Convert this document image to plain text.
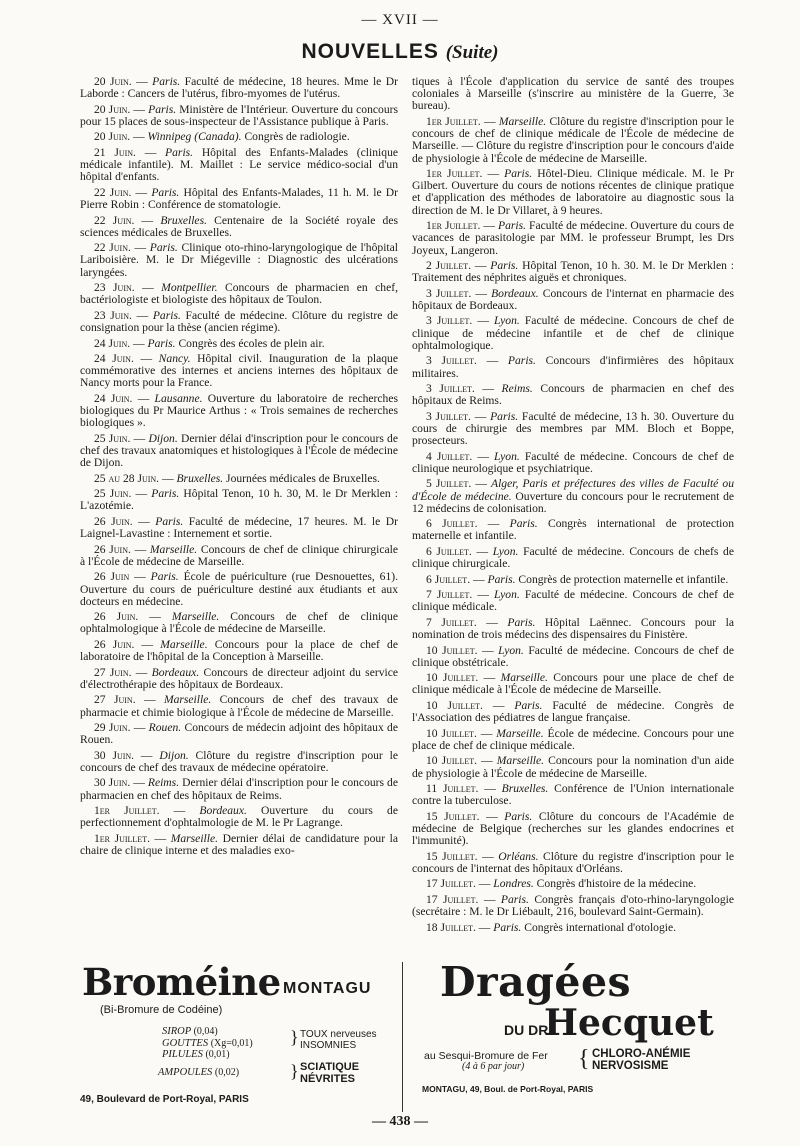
— XVII —
NOUVELLES (Suite)

20 Juin. — Paris. Faculté de médecine, 18 heures. Mme le Dr Laborde : Cancers de l'utérus, fibro-myomes de l'utérus.

20 Juin. — Paris. Ministère de l'Intérieur. Ouverture du concours pour 15 places de sous-inspecteur de l'Assistance publique à Paris.

20 Juin. — Winnipeg (Canada). Congrès de radiologie.

21 Juin. — Paris. Hôpital des Enfants-Malades (clinique médicale infantile). M. Maillet : Le service médico-social d'un hôpital d'enfants.

22 Juin. — Paris. Hôpital des Enfants-Malades, 11 h. M. le Dr Pierre Robin : Conférence de stomatologie.

22 Juin. — Bruxelles. Centenaire de la Société royale des sciences médicales de Bruxelles.

22 Juin. — Paris. Clinique oto-rhino-laryngologique de l'hôpital Lariboisière. M. le Dr Miégeville : Diagnostic des ulcérations laryngées.

23 Juin. — Montpellier. Concours de pharmacien en chef, bactériologiste et biologiste des hôpitaux de Toulon.

23 Juin. — Paris. Faculté de médecine. Clôture du registre de consignation pour la thèse (ancien régime).

24 Juin. — Paris. Congrès des écoles de plein air.

24 Juin. — Nancy. Hôpital civil. Inauguration de la plaque commémorative des internes et anciens internes des hôpitaux de Nancy morts pour la France.

24 Juin. — Lausanne. Ouverture du laboratoire de recherches biologiques du Pr Maurice Arthus : « Trois semaines de recherches biologiques ».

25 Juin. — Dijon. Dernier délai d'inscription pour le concours de chef des travaux anatomiques et histologiques à l'École de médecine de Dijon.

25 au 28 Juin. — Bruxelles. Journées médicales de Bruxelles.

25 Juin. — Paris. Hôpital Tenon, 10 h. 30, M. le Dr Merklen : L'azotémie.

26 Juin. — Paris. Faculté de médecine, 17 heures. M. le Dr Laignel-Lavastine : Internement et sortie.

26 Juin. — Marseille. Concours de chef de clinique chirurgicale à l'École de médecine de Marseille.

26 Juin — Paris. École de puériculture (rue Desnouettes, 61). Ouverture du cours de puériculture destiné aux étudiants et aux docteurs en médecine.

26 Juin. — Marseille. Concours de chef de clinique ophtalmologique à l'École de médecine de Marseille.

26 Juin. — Marseille. Concours pour la place de chef de laboratoire de l'hôpital de la Conception à Marseille.

27 Juin. — Bordeaux. Concours de directeur adjoint du service d'électrothérapie des hôpitaux de Bordeaux.

27 Juin. — Marseille. Concours de chef des travaux de pharmacie et chimie biologique à l'École de médecine de Marseille.

29 Juin. — Rouen. Concours de médecin adjoint des hôpitaux de Rouen.

30 Juin. — Dijon. Clôture du registre d'inscription pour le concours de chef des travaux de médecine opératoire.

30 Juin. — Reims. Dernier délai d'inscription pour le concours de pharmacien en chef des hôpitaux de Reims.

1er Juillet. — Bordeaux. Ouverture du cours de perfectionnement d'ophtalmologie de M. le Pr Lagrange.

1er Juillet. — Marseille. Dernier délai de candidature pour la chaire de clinique interne et des maladies exo-

tiques à l'École d'application du service de santé des troupes coloniales à Marseille (s'inscrire au ministère de la Guerre, 3e bureau).

1er Juillet. — Marseille. Clôture du registre d'inscription pour le concours de chef de clinique médicale de l'École de médecine de Marseille. — Clôture du registre d'inscription pour le concours d'aide de physiologie à l'École de médecine de Marseille.

1er Juillet. — Paris. Hôtel-Dieu. Clinique médicale. M. le Pr Gilbert. Ouverture du cours de notions récentes de clinique pratique et d'application des méthodes de laboratoire au diagnostic sous la direction de M. le Dr Villaret, à 9 heures.

1er Juillet. — Paris. Faculté de médecine. Ouverture du cours de vacances de parasitologie par MM. le professeur Brumpt, les Drs Joyeux, Langeron.

2 Juillet. — Paris. Hôpital Tenon, 10 h. 30. M. le Dr Merklen : Traitement des néphrites aiguës et chroniques.

3 Juillet. — Bordeaux. Concours de l'internat en pharmacie des hôpitaux de Bordeaux.

3 Juillet. — Lyon. Faculté de médecine. Concours de chef de clinique de médecine infantile et de chef de clinique ophtalmologique.

3 Juillet. — Paris. Concours d'infirmières des hôpitaux militaires.

3 Juillet. — Reims. Concours de pharmacien en chef des hôpitaux de Reims.

3 Juillet. — Paris. Faculté de médecine, 13 h. 30. Ouverture du cours de chirurgie des membres par MM. Bloch et Boppe, prosecteurs.

4 Juillet. — Lyon. Faculté de médecine. Concours de chef de clinique neurologique et psychiatrique.

5 Juillet. — Alger, Paris et préfectures des villes de Faculté ou d'École de médecine. Ouverture du concours pour le recrutement de 12 médecins de colonisation.

6 Juillet. — Paris. Congrès international de protection maternelle et infantile.

6 Juillet. — Lyon. Faculté de médecine. Concours de chefs de clinique chirurgicale.

6 Juillet. — Paris. Congrès de protection maternelle et infantile.

7 Juillet. — Lyon. Faculté de médecine. Concours de chef de clinique médicale.

7 Juillet. — Paris. Hôpital Laënnec. Concours pour la nomination de trois médecins des dispensaires du Finistère.

10 Juillet. — Lyon. Faculté de médecine. Concours de chef de clinique obstétricale.

10 Juillet. — Marseille. Concours pour une place de chef de clinique médicale à l'École de médecine de Marseille.

10 Juillet. — Paris. Faculté de médecine. Congrès de l'Association des pédiatres de langue française.

10 Juillet. — Marseille. École de médecine. Concours pour une place de chef de clinique médicale.

10 Juillet. — Marseille. Concours pour la nomination d'un aide de physiologie à l'École de médecine de Marseille.

11 Juillet. — Bruxelles. Conférence de l'Union internationale contre la tuberculose.

15 Juillet. — Paris. Clôture du concours de l'Académie de médecine de Belgique (recherches sur les glandes endocrines et l'immunité).

15 Juillet. — Orléans. Clôture du registre d'inscription pour le concours de l'internat des hôpitaux d'Orléans.

17 Juillet. — Londres. Congrès d'histoire de la médecine.

17 Juillet. — Paris. Congrès français d'oto-rhino-laryngologie (secrétaire : M. le Dr Liébault, 216, boulevard Saint-Germain).

18 Juillet. — Paris. Congrès international d'otologie.

Broméine MONTAGU
(Bi-Bromure de Codéine)
SIROP (0,04)
GOUTTES (Xg=0,01)
PILULES (0,01)
AMPOULES (0,02)
} TOUX nerveuses
INSOMNIES
} SCIATIQUE
NÉVRITES
49, Boulevard de Port-Royal, PARIS
Dragées
DU DR.
Hecquet
au Sesqui-Bromure de Fer
(4 à 6 par jour) { CHLORO-ANÉMIE
NERVOSISME
MONTAGU, 49, Boul. de Port-Royal, PARIS
— 438 —
